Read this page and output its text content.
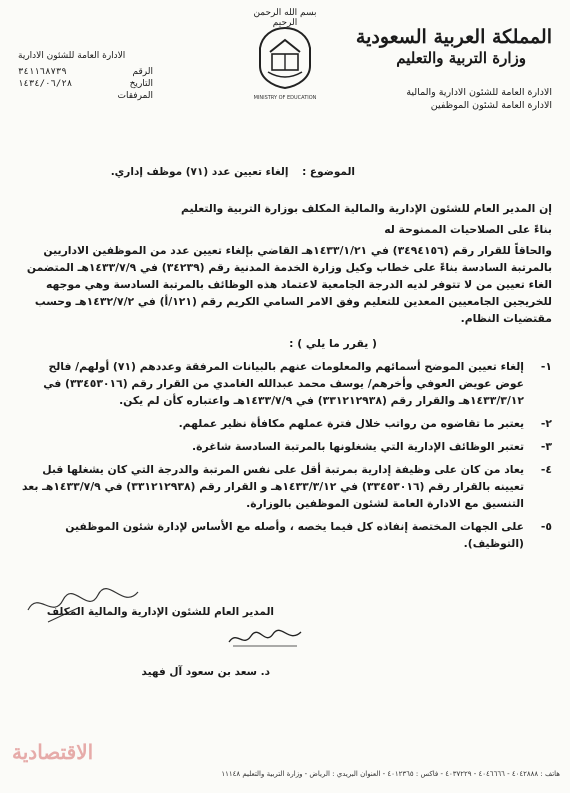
المملكة العربية السعودية
وزارة التربية والتعليم
الادارة العامة للشئون الادارية والمالية
الادارة العامة لشئون الموظفين
بسم الله الرحمن الرحيم
MINISTRY OF EDUCATION
الادارة العامة للشئون الادارية
الرقم
٣٤١١٦٨٧٣٩
التاريخ
١٤٣٤/٠٦/٢٨
المرفقات
الموضوع : إلغاء تعيين عدد (٧١) موظف إداري.

إن المدير العام للشئون الإدارية والمالية المكلف بوزارة التربية والتعليم

بناءً على الصلاحيات الممنوحة له

والحاقاً للقرار رقم (٣٤٩٤١٥٦) في ١٤٣٣/١/٢١هـ القاضي بإلغاء تعيين عدد من الموظفين الاداريين بالمرتبة السادسة بناءً على خطاب وكيل وزارة الخدمة المدنية رقم (٣٤٢٣٩) في ١٤٣٣/٧/٩هـ المتضمن الغاء تعيين من لا تتوفر لديه الدرجة الجامعية لاعتماد هذه الوظائف بالمرتبة السادسة وهي موجهه للخريجين الجامعيين المعدين للتعليم وفق الامر السامي الكريم رقم (١٢١/أ) في ١٤٣٢/٧/٢هـ وحسب مقتضيات النظام.

( يقرر ما يلي ) :
١-
إلغاء تعيين الموضح أسمائهم والمعلومات عنهم بالبيانات المرفقة وعددهم (٧١) أولهم/ فالح عوض عويض العوفي وأخرهم/ يوسف محمد عبدالله الغامدي من القرار رقم (٣٣٤٥٣٠١٦) في ١٤٣٣/٣/١٢هـ والقرار رقم (٣٣١٢١٢٩٣٨) في ١٤٣٣/٧/٩هـ واعتباره كأن لم يكن.
٢-
يعتبر ما تقاضوه من رواتب خلال فترة عملهم مكافأة نظير عملهم.
٣-
تعتبر الوظائف الإدارية التي يشغلونها بالمرتبة السادسة شاغرة.
٤-
يعاد من كان على وظيفة إدارية بمرتبة أقل على نفس المرتبة والدرجة التي كان يشغلها قبل تعيينه بالقرار رقم (٣٣٤٥٣٠١٦) في ١٤٣٣/٣/١٢هـ و القرار رقم (٣٣١٢١٢٩٣٨) في ١٤٣٣/٧/٩هـ بعد التنسيق مع الادارة العامة لشئون الموظفين بالوزارة.
٥-
على الجهات المختصة إنفاذه كل فيما يخصه ، وأصله مع الأساس لإدارة شئون الموظفين (التوظيف).
المدير العام للشئون الإدارية والمالية المكلف
د. سعد بن سعود آل فهيد
الاقتصادية
هاتف : ٤٠٤٢٨٨٨ - ٤٠٤٦٦٦٦ - ٤٠٣٧٢٢٩ - فاكس : ٤٠١٢٣٦٥ - العنوان البريدي : الرياض - وزارة التربية والتعليم ١١١٤٨
